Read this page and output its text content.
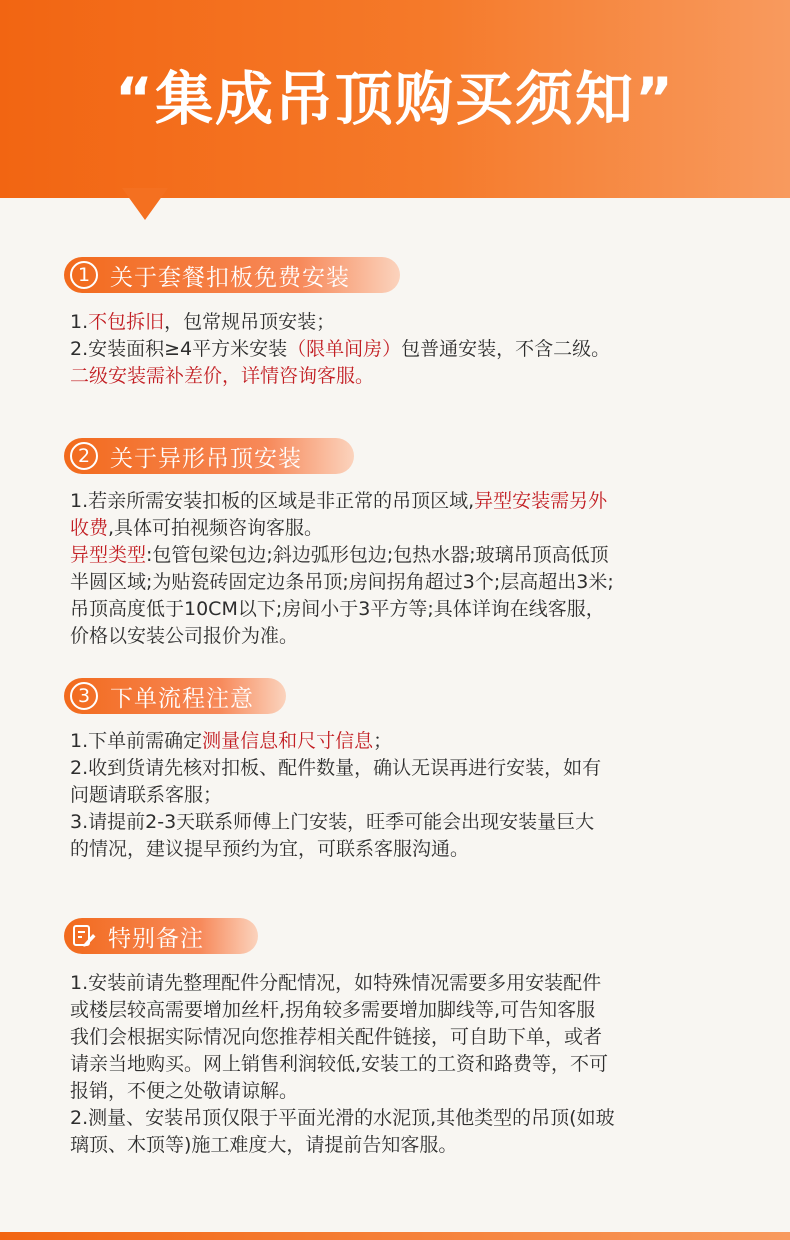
“集成吊顶购买须知”
1 关于套餐扣板免费安装

1.不包拆旧，包常规吊顶安装；

2.安装面积≥4平方米安装（限单间房）包普通安装，不含二级。

二级安装需补差价，详情咨询客服。

2 关于异形吊顶安装

1.若亲所需安装扣板的区域是非正常的吊顶区域,异型安装需另外

收费,具体可拍视频咨询客服。

异型类型:包管包梁包边;斜边弧形包边;包热水器;玻璃吊顶高低顶

半圆区域;为贴瓷砖固定边条吊顶;房间拐角超过3个;层高超出3米;

吊顶高度低于10CM以下;房间小于3平方等;具体详询在线客服，

价格以安装公司报价为准。

3 下单流程注意

1.下单前需确定测量信息和尺寸信息；

2.收到货请先核对扣板、配件数量，确认无误再进行安装，如有

问题请联系客服；

3.请提前2-3天联系师傅上门安装，旺季可能会出现安装量巨大

的情况，建议提早预约为宜，可联系客服沟通。

特别备注

1.安装前请先整理配件分配情况，如特殊情况需要多用安装配件

或楼层较高需要增加丝杆,拐角较多需要增加脚线等,可告知客服

我们会根据实际情况向您推荐相关配件链接，可自助下单，或者

请亲当地购买。网上销售利润较低,安装工的工资和路费等，不可

报销，不便之处敬请谅解。

2.测量、安装吊顶仅限于平面光滑的水泥顶,其他类型的吊顶(如玻

璃顶、木顶等)施工难度大，请提前告知客服。
